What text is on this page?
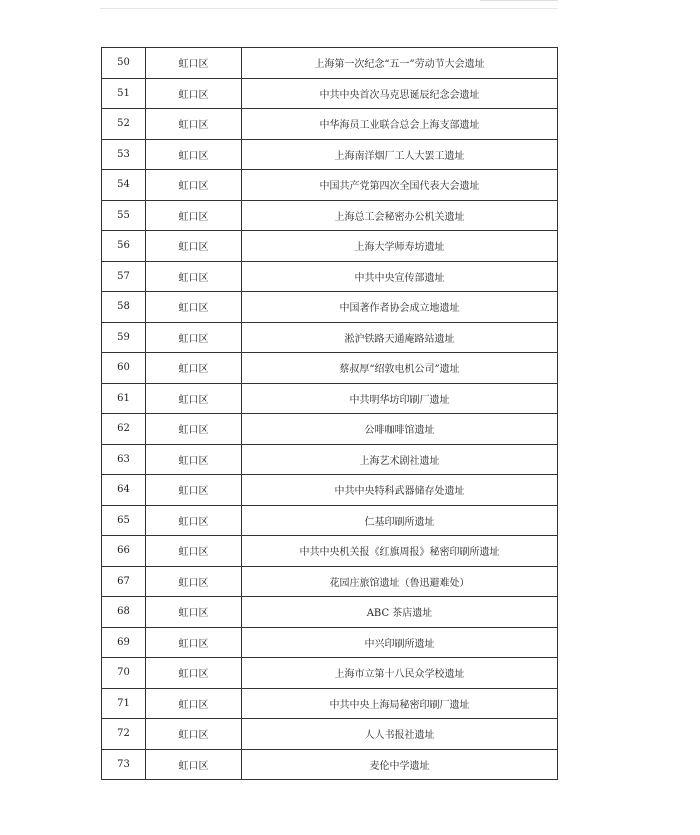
50	虹口区	上海第一次纪念“五一”劳动节大会遗址
51	虹口区	中共中央首次马克思诞辰纪念会遗址
52	虹口区	中华海员工业联合总会上海支部遗址
53	虹口区	上海南洋烟厂工人大罢工遗址
54	虹口区	中国共产党第四次全国代表大会遗址
55	虹口区	上海总工会秘密办公机关遗址
56	虹口区	上海大学师寿坊遗址
57	虹口区	中共中央宣传部遗址
58	虹口区	中国著作者协会成立地遗址
59	虹口区	淞沪铁路天通庵路站遗址
60	虹口区	蔡叔厚“绍敦电机公司”遗址
61	虹口区	中共明华坊印刷厂遗址
62	虹口区	公啡咖啡馆遗址
63	虹口区	上海艺术剧社遗址
64	虹口区	中共中央特科武器储存处遗址
65	虹口区	仁基印刷所遗址
66	虹口区	中共中央机关报《红旗周报》秘密印刷所遗址
67	虹口区	花园庄旅馆遗址（鲁迅避难处）
68	虹口区	ABC 茶店遗址
69	虹口区	中兴印刷所遗址
70	虹口区	上海市立第十八民众学校遗址
71	虹口区	中共中央上海局秘密印刷厂遗址
72	虹口区	人人书报社遗址
73	虹口区	麦伦中学遗址
